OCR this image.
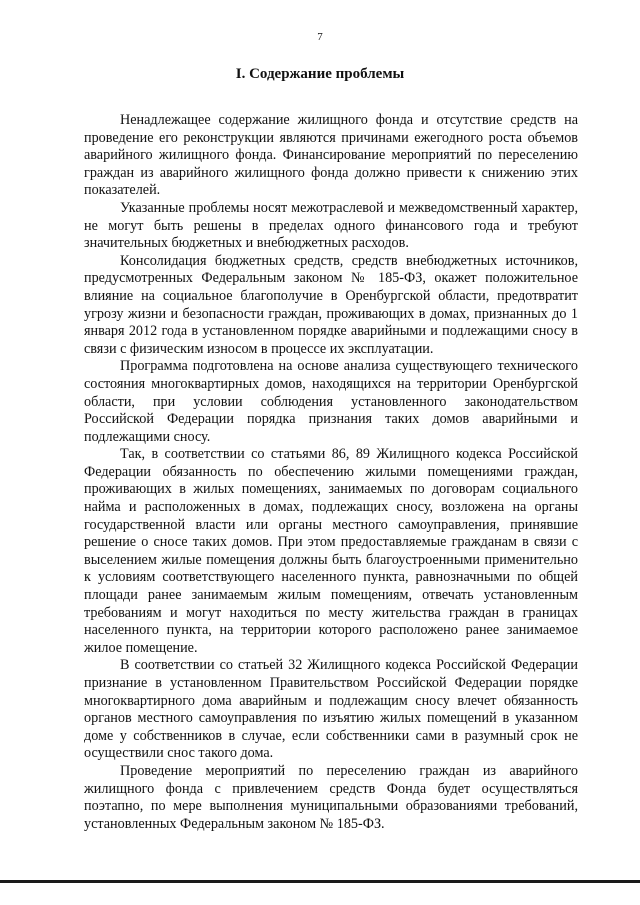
7
I. Содержание проблемы

Ненадлежащее содержание жилищного фонда и отсутствие средств на проведение его реконструкции являются причинами ежегодного роста объемов аварийного жилищного фонда. Финансирование мероприятий по переселению граждан из аварийного жилищного фонда должно привести к снижению этих показателей.

Указанные проблемы носят межотраслевой и межведомственный характер, не могут быть решены в пределах одного финансового года и требуют значительных бюджетных и внебюджетных расходов.

Консолидация бюджетных средств, средств внебюджетных источников, предусмотренных Федеральным законом № 185-ФЗ, окажет положительное влияние на социальное благополучие в Оренбургской области, предотвратит угрозу жизни и безопасности граждан, проживающих в домах, признанных до 1 января 2012 года в установленном порядке аварийными и подлежащими сносу в связи с физическим износом в процессе их эксплуатации.

Программа подготовлена на основе анализа существующего технического состояния многоквартирных домов, находящихся на территории Оренбургской области, при условии соблюдения установленного законодательством Российской Федерации порядка признания таких домов аварийными и подлежащими сносу.

Так, в соответствии со статьями 86, 89 Жилищного кодекса Российской Федерации обязанность по обеспечению жилыми помещениями граждан, проживающих в жилых помещениях, занимаемых по договорам социального найма и расположенных в домах, подлежащих сносу, возложена на органы государственной власти или органы местного самоуправления, принявшие решение о сносе таких домов. При этом предоставляемые гражданам в связи с выселением жилые помещения должны быть благоустроенными применительно к условиям соответствующего населенного пункта, равнозначными по общей площади ранее занимаемым жилым помещениям, отвечать установленным требованиям и могут находиться по месту жительства граждан в границах населенного пункта, на территории которого расположено ранее занимаемое жилое помещение.

В соответствии со статьей 32 Жилищного кодекса Российской Федерации признание в установленном Правительством Российской Федерации порядке многоквартирного дома аварийным и подлежащим сносу влечет обязанность органов местного самоуправления по изъятию жилых помещений в указанном доме у собственников в случае, если собственники сами в разумный срок не осуществили снос такого дома.

Проведение мероприятий по переселению граждан из аварийного жилищного фонда с привлечением средств Фонда будет осуществляться поэтапно, по мере выполнения муниципальными образованиями требований, установленных Федеральным законом № 185-ФЗ.
